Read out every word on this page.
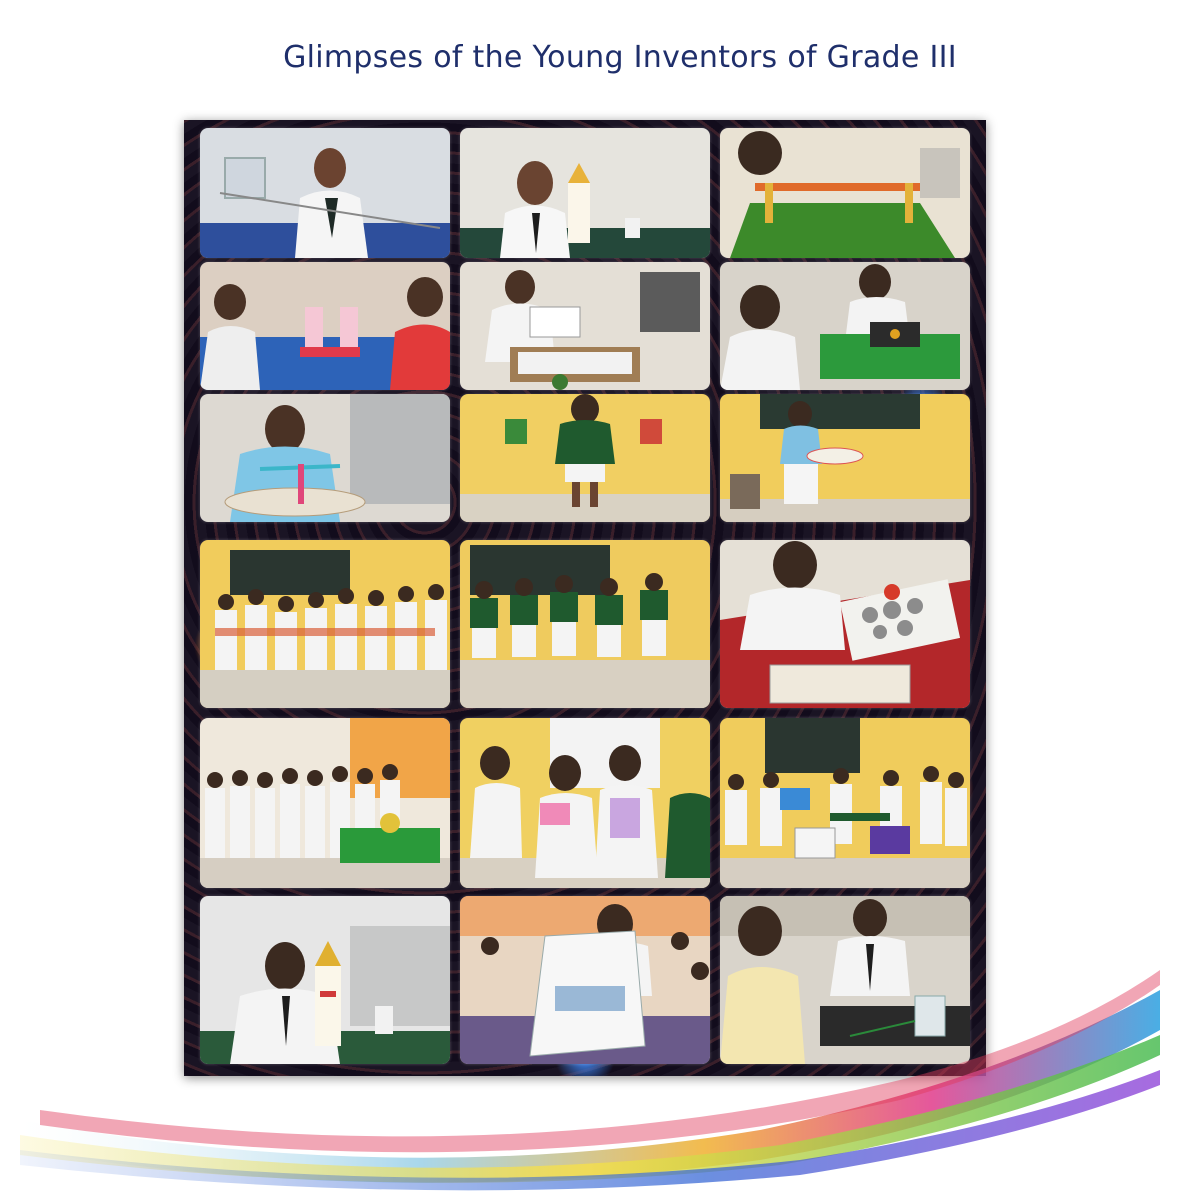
Glimpses of the Young Inventors of Grade III
